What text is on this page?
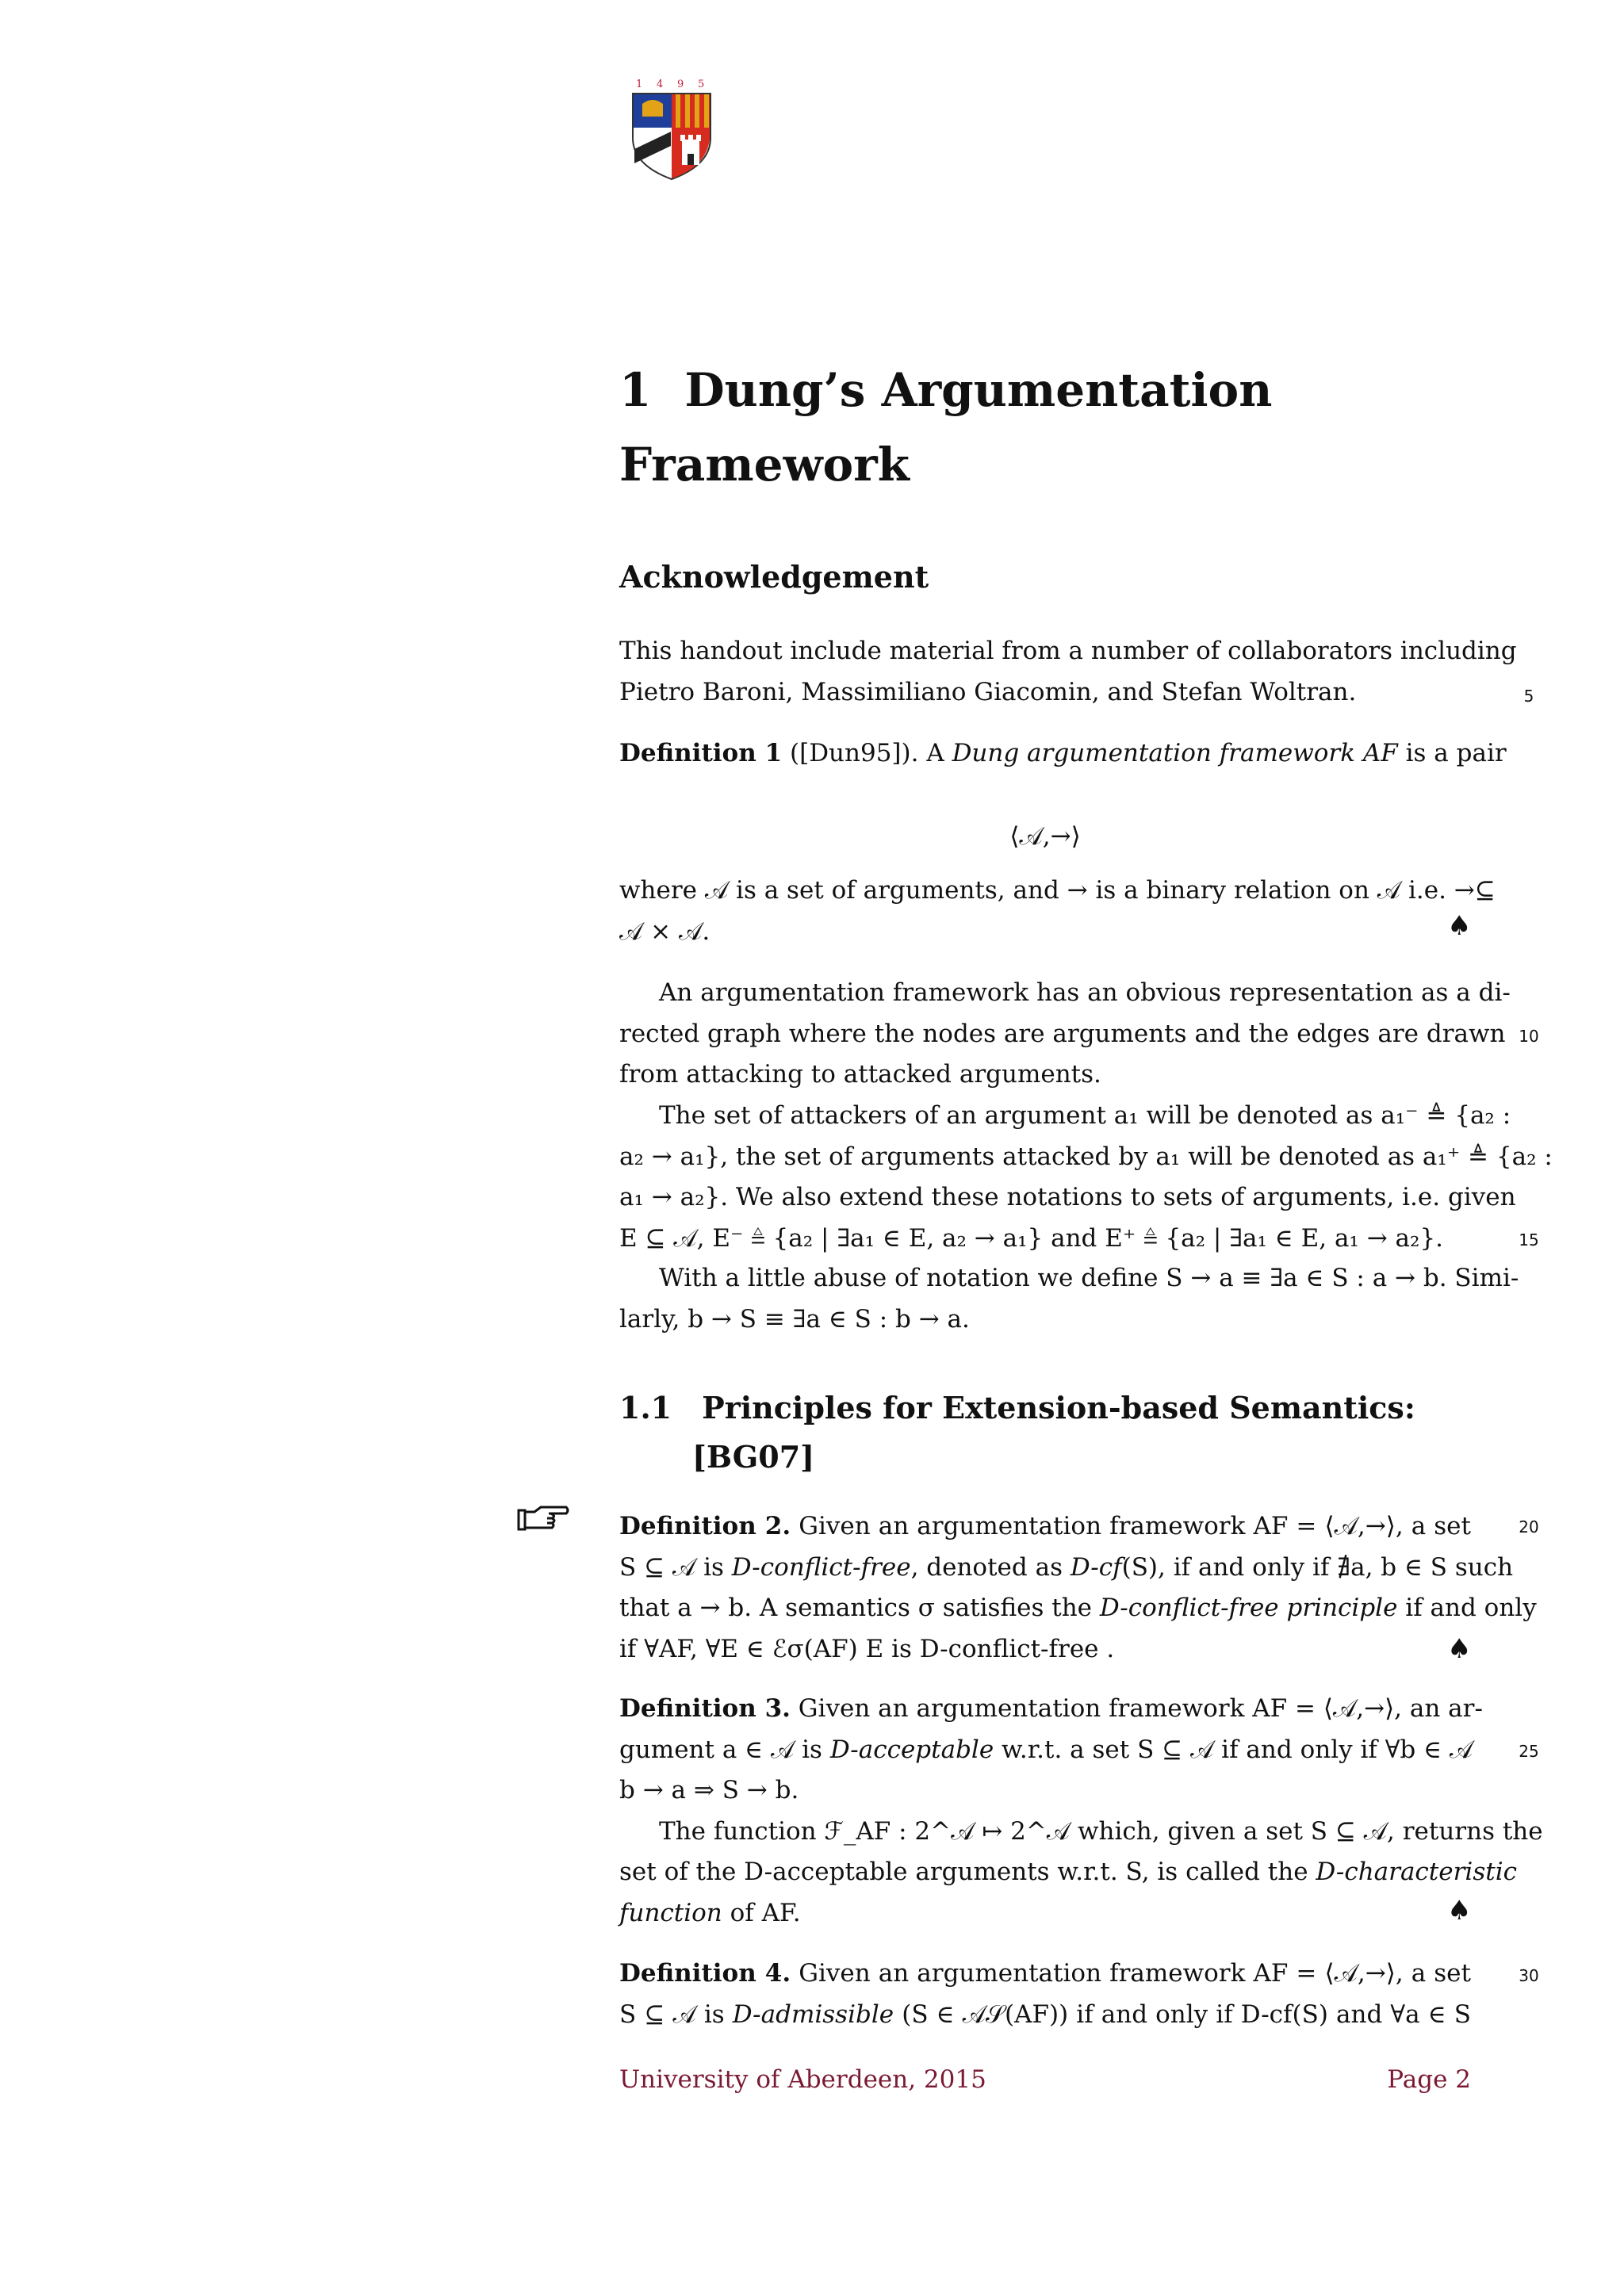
1 4 9 5
1 Dung’s Argumentation
Framework
Acknowledgement
This handout include material from a number of collaborators including
Pietro Baroni, Massimiliano Giacomin, and Stefan Woltran.	5
Definition 1 ([Dun95]). A Dung argumentation framework AF is a pair
⟨𝒜,→⟩
where 𝒜 is a set of arguments, and → is a binary relation on 𝒜 i.e. →⊆
𝒜 × 𝒜.	♠
An argumentation framework has an obvious representation as a di-
rected graph where the nodes are arguments and the edges are drawn
from attacking to attacked arguments.
10
The set of attackers of an argument a₁ will be denoted as a₁⁻ ≜ {a₂ :
a₂ → a₁}, the set of arguments attacked by a₁ will be denoted as a₁⁺ ≜ {a₂ :
a₁ → a₂}. We also extend these notations to sets of arguments, i.e. given
E ⊆ 𝒜, E⁻ ≜ {a₂ | ∃a₁ ∈ E, a₂ → a₁} and E⁺ ≜ {a₂ | ∃a₁ ∈ E, a₁ → a₂}.	15
With a little abuse of notation we define S → a ≡ ∃a ∈ S : a → b. Simi-
larly, b → S ≡ ∃a ∈ S : b → a.
1.1 Principles for Extension-based Semantics:
[BG07]
Definition 2. Given an argumentation framework AF = ⟨𝒜,→⟩, a set
S ⊆ 𝒜 is D-conflict-free, denoted as D-cf(S), if and only if ∄a, b ∈ S such
that a → b. A semantics σ satisfies the D-conflict-free principle if and only
if ∀AF, ∀E ∈ ℰσ(AF) E is D-conflict-free .
20
♠
Definition 3. Given an argumentation framework AF = ⟨𝒜,→⟩, an ar-
gument a ∈ 𝒜 is D-acceptable w.r.t. a set S ⊆ 𝒜 if and only if ∀b ∈ 𝒜
b → a ⇒ S → b.
The function ℱ_AF : 2^𝒜 ↦ 2^𝒜 which, given a set S ⊆ 𝒜, returns the
set of the D-acceptable arguments w.r.t. S, is called the D-characteristic
function of AF.
25
♠
Definition 4. Given an argumentation framework AF = ⟨𝒜,→⟩, a set
S ⊆ 𝒜 is D-admissible (S ∈ 𝒜𝒮(AF)) if and only if D-cf(S) and ∀a ∈ S
30
University of Aberdeen, 2015	Page 2
